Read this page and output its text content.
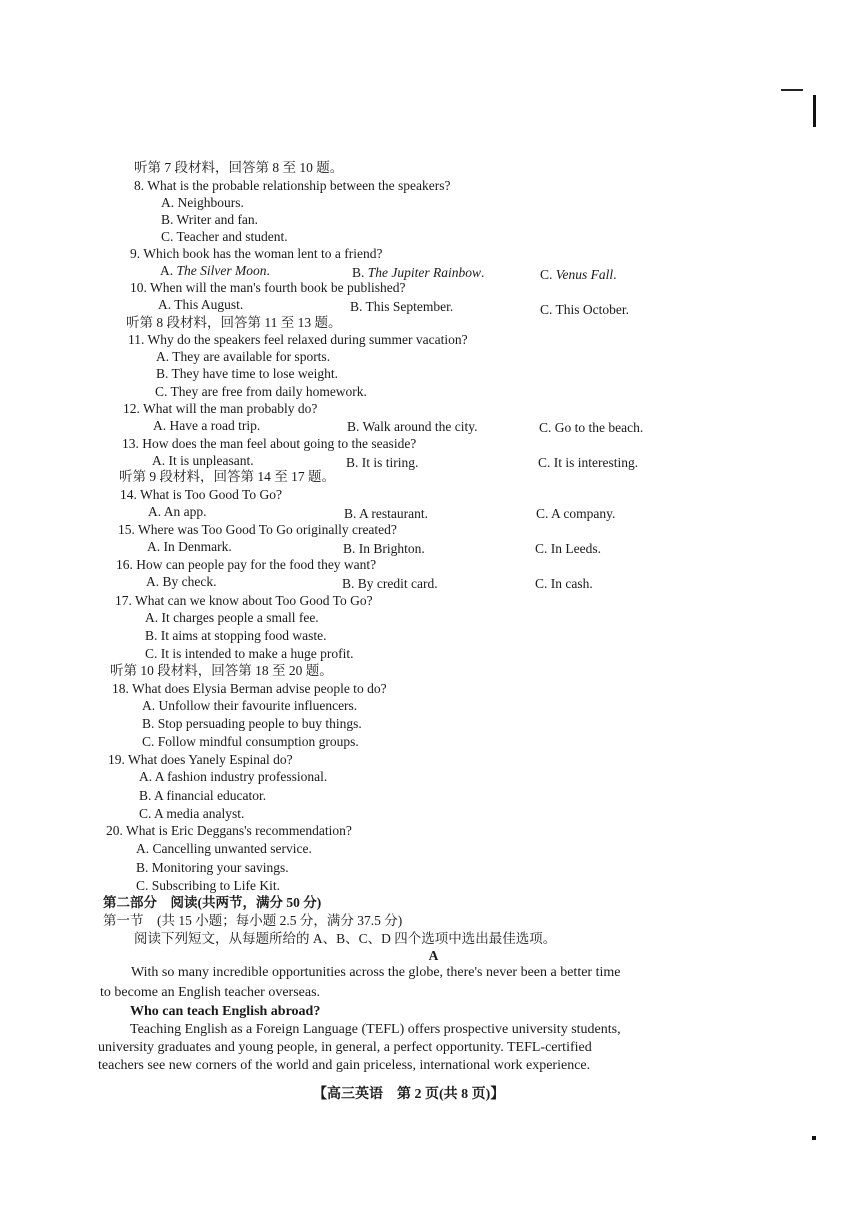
听第 7 段材料，回答第 8 至 10 题。
8. What is the probable relationship between the speakers?
A. Neighbours.
B. Writer and fan.
C. Teacher and student.
9. Which book has the woman lent to a friend?
A. The Silver Moon.	B. The Jupiter Rainbow.	C. Venus Fall.
10. When will the man's fourth book be published?
A. This August.	B. This September.	C. This October.
听第 8 段材料，回答第 11 至 13 题。
11. Why do the speakers feel relaxed during summer vacation?
A. They are available for sports.
B. They have time to lose weight.
C. They are free from daily homework.
12. What will the man probably do?
A. Have a road trip.	B. Walk around the city.	C. Go to the beach.
13. How does the man feel about going to the seaside?
A. It is unpleasant.	B. It is tiring.	C. It is interesting.
听第 9 段材料，回答第 14 至 17 题。
14. What is Too Good To Go?
A. An app.	B. A restaurant.	C. A company.
15. Where was Too Good To Go originally created?
A. In Denmark.	B. In Brighton.	C. In Leeds.
16. How can people pay for the food they want?
A. By check.	B. By credit card.	C. In cash.
17. What can we know about Too Good To Go?
A. It charges people a small fee.
B. It aims at stopping food waste.
C. It is intended to make a huge profit.
听第 10 段材料，回答第 18 至 20 题。
18. What does Elysia Berman advise people to do?
A. Unfollow their favourite influencers.
B. Stop persuading people to buy things.
C. Follow mindful consumption groups.
19. What does Yanely Espinal do?
A. A fashion industry professional.
B. A financial educator.
C. A media analyst.
20. What is Eric Deggans's recommendation?
A. Cancelling unwanted service.
B. Monitoring your savings.
C. Subscribing to Life Kit.
第二部分　阅读(共两节，满分 50 分)
第一节　(共 15 小题；每小题 2.5 分，满分 37.5 分)
阅读下列短文，从每题所给的 A、B、C、D 四个选项中选出最佳选项。
A
With so many incredible opportunities across the globe, there's never been a better time
to become an English teacher overseas.
Who can teach English abroad?
Teaching English as a Foreign Language (TEFL) offers prospective university students,
university graduates and young people, in general, a perfect opportunity. TEFL-certified
teachers see new corners of the world and gain priceless, international work experience.
【高三英语　第 2 页(共 8 页)】
